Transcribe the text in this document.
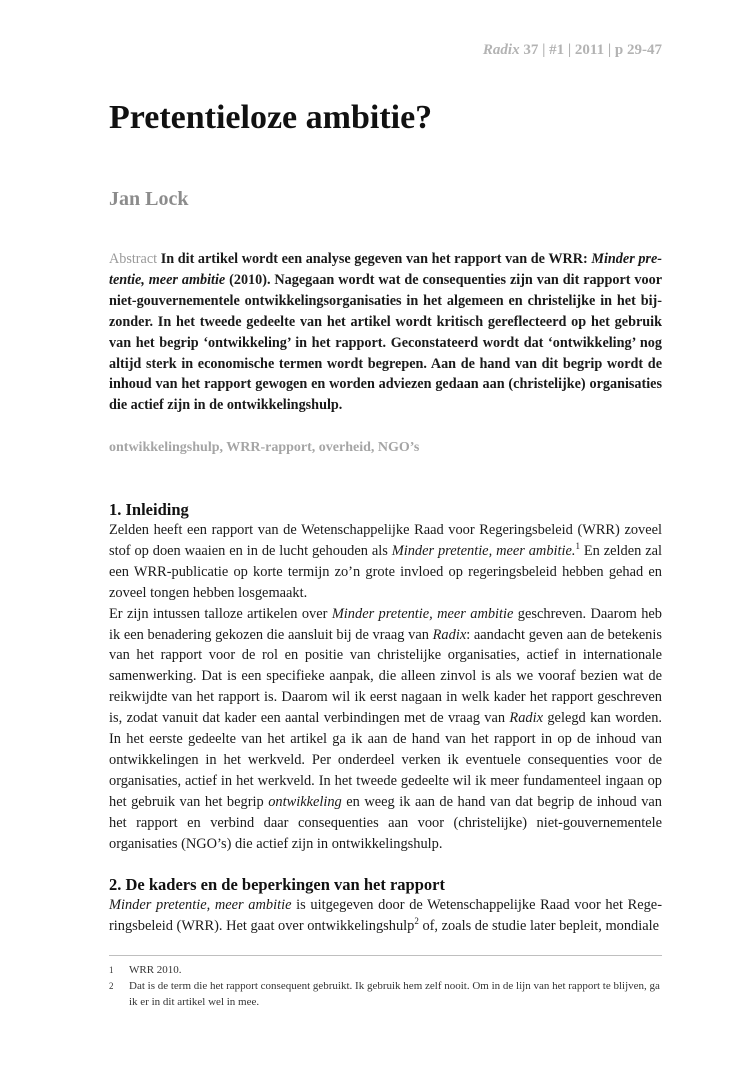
Radix 37 | #1 | 2011 | p 29-47
Pretentieloze ambitie?
Jan Lock

Abstract In dit artikel wordt een analyse gegeven van het rapport van de WRR: Minder pretentie, meer ambitie (2010). Nagegaan wordt wat de consequenties zijn van dit rapport voor niet-gouvernementele ontwikkelingsorganisaties in het algemeen en christelijke in het bijzonder. In het tweede gedeelte van het artikel wordt kritisch gereflecteerd op het gebruik van het begrip ‘ontwikkeling’ in het rapport. Geconstateerd wordt dat ‘ontwikkeling’ nog altijd sterk in economische termen wordt begrepen. Aan de hand van dit begrip wordt de inhoud van het rapport gewogen en worden adviezen gedaan aan (christelijke) organisaties die actief zijn in de ontwikkelingshulp.

ontwikkelingshulp, WRR-rapport, overheid, NGO’s

1. Inleiding

Zelden heeft een rapport van de Wetenschappelijke Raad voor Regeringsbeleid (WRR) zoveel stof op doen waaien en in de lucht gehouden als Minder pretentie, meer ambitie.$^1$ En zelden zal een WRR-publicatie op korte termijn zo’n grote invloed op regeringsbeleid hebben gehad en zoveel tongen hebben losgemaakt.

Er zijn intussen talloze artikelen over Minder pretentie, meer ambitie geschreven. Daarom heb ik een benadering gekozen die aansluit bij de vraag van Radix: aandacht geven aan de betekenis van het rapport voor de rol en positie van christelijke organisaties, actief in internationale samenwerking. Dat is een specifieke aanpak, die alleen zinvol is als we vooraf bezien wat de reikwijdte van het rapport is. Daarom wil ik eerst nagaan in welk kader het rapport geschreven is, zodat vanuit dat kader een aantal verbindingen met de vraag van Radix gelegd kan worden. In het eerste gedeelte van het artikel ga ik aan de hand van het rapport in op de inhoud van ontwikkelingen in het werkveld. Per onderdeel verken ik eventuele consequenties voor de organisaties, actief in het werkveld. In het tweede gedeelte wil ik meer fundamenteel ingaan op het gebruik van het begrip ontwikkeling en weeg ik aan de hand van dat begrip de inhoud van het rapport en verbind daar consequenties aan voor (christelijke) niet-gouvernementele organisaties (NGO’s) die actief zijn in ontwikkelingshulp.

2. De kaders en de beperkingen van het rapport

Minder pretentie, meer ambitie is uitgegeven door de Wetenschappelijke Raad voor het Regeringsbeleid (WRR). Het gaat over ontwikkelingshulp$^2$ of, zoals de studie later bepleit, mondiale

1	WRR 2010.
2	Dat is de term die het rapport consequent gebruikt. Ik gebruik hem zelf nooit. Om in de lijn van het rapport te blijven, ga ik er in dit artikel wel in mee.
